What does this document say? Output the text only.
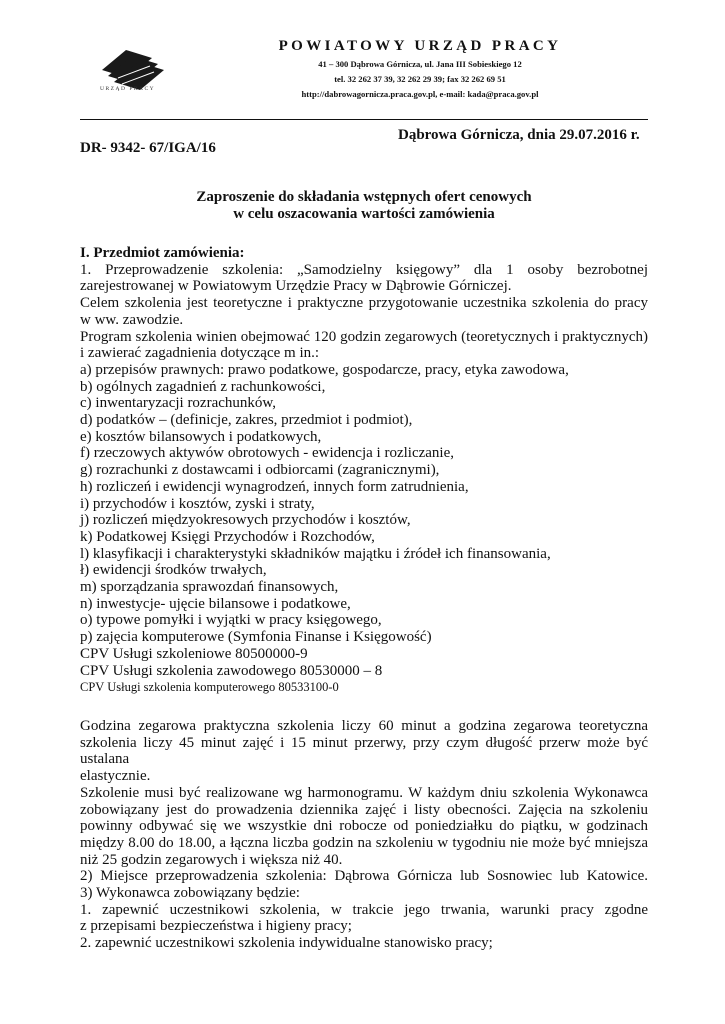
URZĄD PRACY
POWIATOWY URZĄD PRACY
41 – 300 Dąbrowa Górnicza, ul. Jana III Sobieskiego 12
tel. 32 262 37 39, 32 262 29 39; fax 32 262 69 51
http://dabrowagornicza.praca.gov.pl, e-mail: kada@praca.gov.pl
Dąbrowa Górnicza, dnia 29.07.2016 r.
DR- 9342- 67/IGA/16
Zaproszenie do składania wstępnych ofert cenowych
w celu oszacowania wartości zamówienia

I. Przedmiot zamówienia:

1. Przeprowadzenie szkolenia: „Samodzielny księgowy” dla 1 osoby bezrobotnej

zarejestrowanej w Powiatowym Urzędzie Pracy w Dąbrowie Górniczej.

Celem szkolenia jest teoretyczne i praktyczne przygotowanie uczestnika szkolenia do pracy

w ww. zawodzie.

Program szkolenia winien obejmować 120 godzin zegarowych (teoretycznych i praktycznych)

i zawierać zagadnienia dotyczące m in.:

a) przepisów prawnych: prawo podatkowe, gospodarcze, pracy, etyka zawodowa,

b) ogólnych zagadnień z rachunkowości,

c) inwentaryzacji rozrachunków,

d) podatków – (definicje, zakres, przedmiot i podmiot),

e) kosztów bilansowych i podatkowych,

f) rzeczowych aktywów obrotowych - ewidencja i rozliczanie,

g) rozrachunki z dostawcami i odbiorcami (zagranicznymi),

h) rozliczeń i ewidencji wynagrodzeń, innych form zatrudnienia,

i) przychodów i kosztów, zyski i straty,

j) rozliczeń międzyokresowych przychodów i kosztów,

k) Podatkowej Księgi Przychodów i Rozchodów,

l) klasyfikacji i charakterystyki składników majątku i źródeł ich finansowania,

ł) ewidencji środków trwałych,

m) sporządzania sprawozdań finansowych,

n) inwestycje- ujęcie bilansowe i podatkowe,

o) typowe pomyłki i wyjątki w pracy księgowego,

p) zajęcia komputerowe (Symfonia Finanse i Księgowość)

CPV Usługi szkoleniowe 80500000-9

CPV Usługi szkolenia zawodowego 80530000 – 8

CPV Usługi szkolenia komputerowego 80533100-0

Godzina zegarowa praktyczna szkolenia liczy 60 minut a godzina zegarowa teoretyczna

szkolenia liczy 45 minut zajęć i 15 minut przerwy, przy czym długość przerw może być ustalana

elastycznie.

Szkolenie musi być realizowane wg harmonogramu. W każdym dniu szkolenia Wykonawca

zobowiązany jest do prowadzenia dziennika zajęć i listy obecności. Zajęcia na szkoleniu

powinny odbywać się we wszystkie dni robocze od poniedziałku do piątku, w godzinach

między 8.00 do 18.00, a łączna liczba godzin na szkoleniu w tygodniu nie może być mniejsza

niż 25 godzin zegarowych i większa niż 40.

2) Miejsce przeprowadzenia szkolenia: Dąbrowa Górnicza lub Sosnowiec lub Katowice.

3) Wykonawca zobowiązany będzie:

1. zapewnić uczestnikowi szkolenia, w trakcie jego trwania, warunki pracy zgodne

z przepisami bezpieczeństwa i higieny pracy;

2. zapewnić uczestnikowi szkolenia indywidualne stanowisko pracy;
